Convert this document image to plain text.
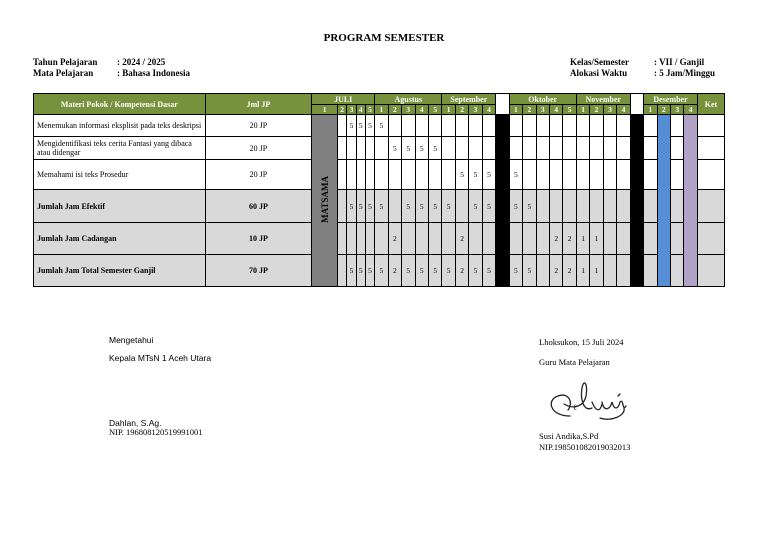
PROGRAM SEMESTER
Tahun Pelajaran : 2024 / 2025
Mata Pelajaran	: Bahasa Indonesia
Kelas/Semester	: VII / Ganjil
Alokasi Waktu	: 5 Jam/Minggu
Materi Pokok / Kompetensi Dasar	Jml JP	JULI					Agustus					September					Oktober					November					Desember				Ket
		1	2	3	4	5	1	2	3	4	5	1	2	3	4		1	2	3	4	5	1	2	3	4		1	2	3	4	
Menemukan informasi eksplisit pada teks deskripsi	20 JP	MATSAMA		5	5	5	5																								
Mengidentifikasi teks cerita Fantasi yang dibaca atau didengar	20 JP							5	5	5	5																				
Memahami isi teks Prosedur	20 JP												5	5	5		5														
Jumlah Jam Efektif	60 JP			5	5	5	5		5	5	5	5		5	5		5	5													
Jumlah Jam Cadangan	10 JP							2					2							2	2	1	1								
Jumlah Jam Total Semester Ganjil	70 JP			5	5	5	5	2	5	5	5	5	2	5	5		5	5		2	2	1	1								
Mengetahui
Kepala MTsN 1 Aceh Utara
Dahlan, S.Ag.
NIP. 196808120519991001
Lhoksukon, 15 Juli 2024
Guru Mata Pelajaran
ℓ
Susi Andika,S.Pd
NIP.198501082019032013
